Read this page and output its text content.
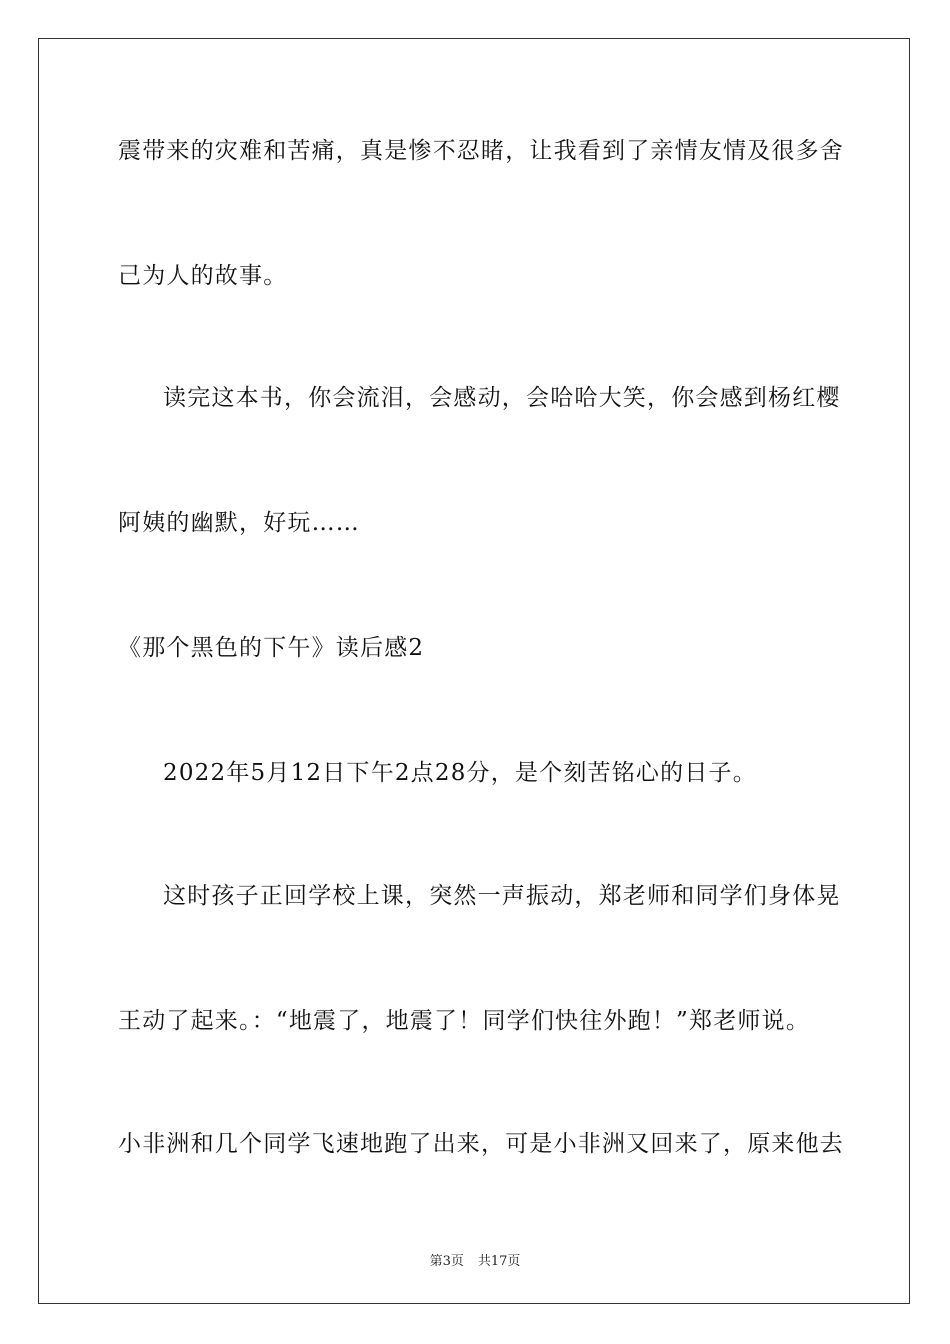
震带来的灾难和苦痛，真是惨不忍睹，让我看到了亲情友情及很多舍
己为人的故事。
读完这本书，你会流泪，会感动，会哈哈大笑，你会感到杨红樱
阿姨的幽默，好玩……
《那个黑色的下午》读后感2
2022年5月12日下午2点28分，是个刻苦铭心的日子。
这时孩子正回学校上课，突然一声振动，郑老师和同学们身体晃
王动了起来。：“地震了，地震了！同学们快往外跑！”郑老师说。
小非洲和几个同学飞速地跑了出来，可是小非洲又回来了，原来他去
第3页 共17页
